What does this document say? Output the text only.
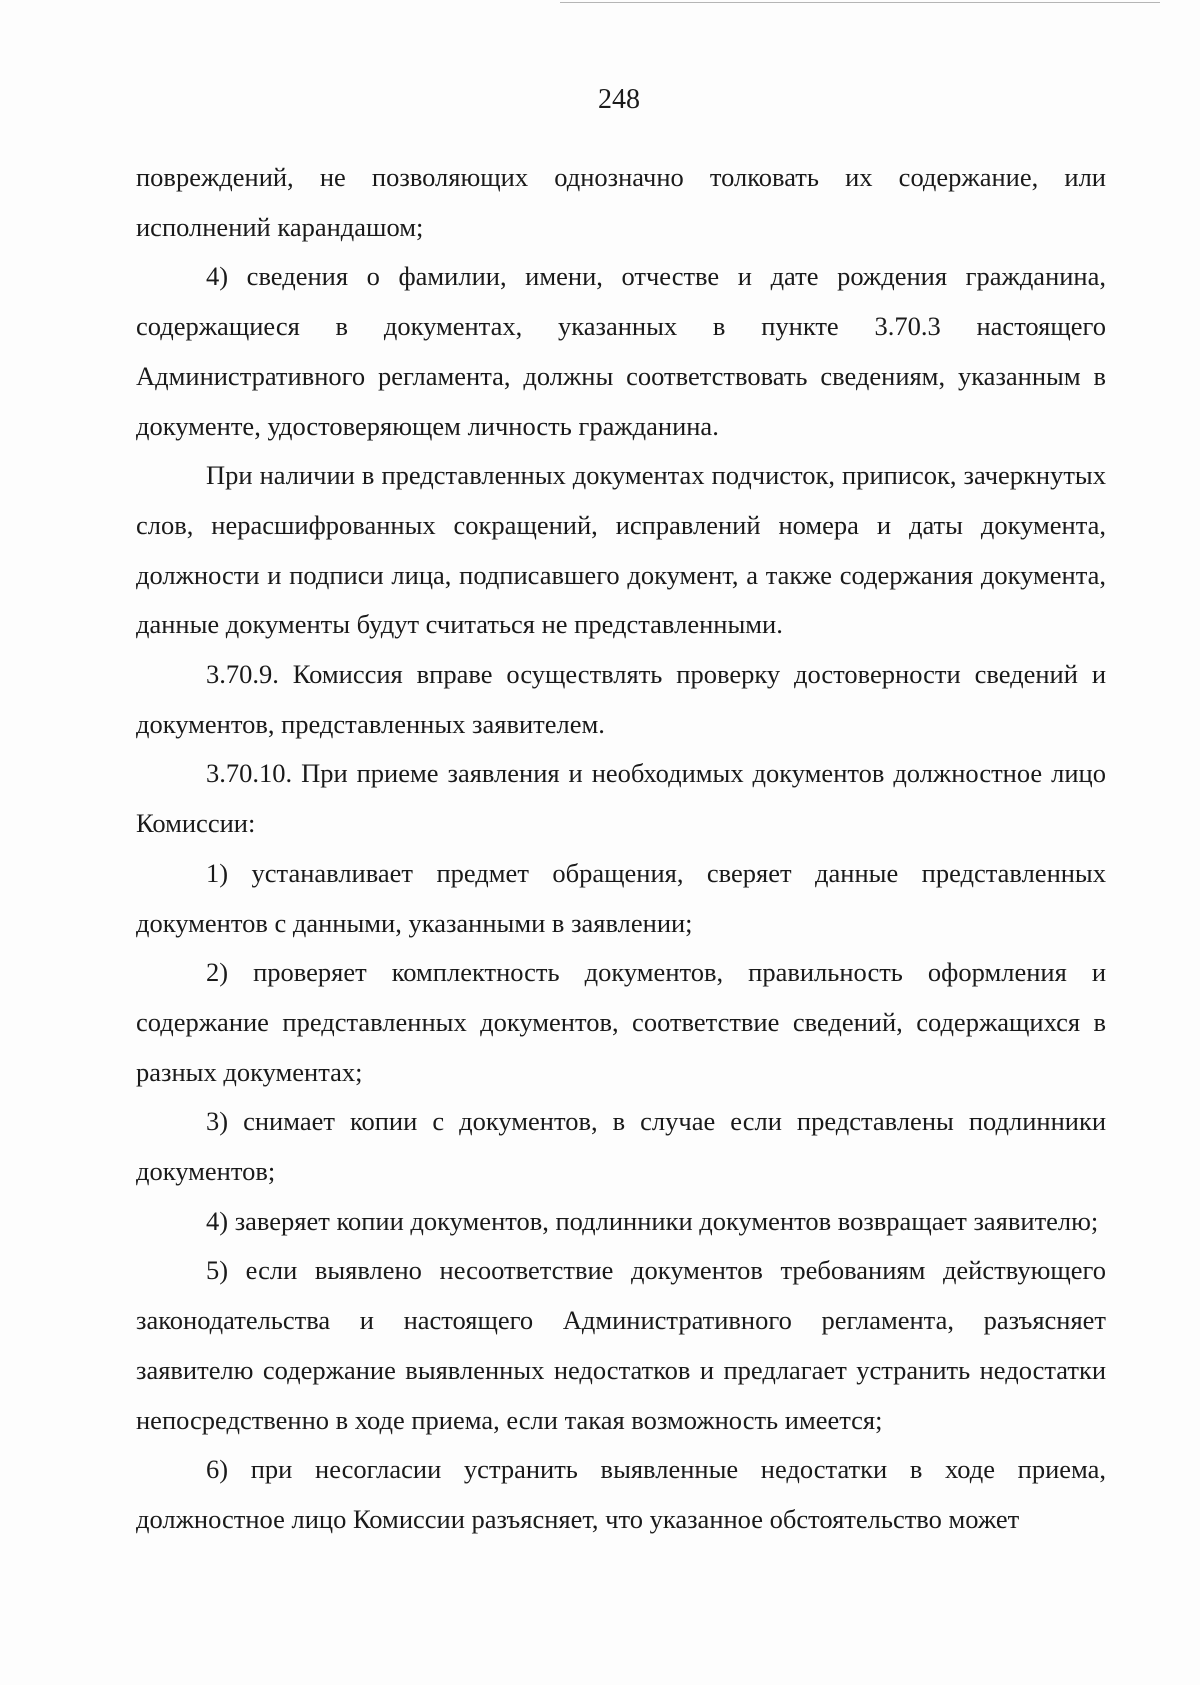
248

повреждений, не позволяющих однозначно толковать их содержание, или исполнений карандашом;

4) сведения о фамилии, имени, отчестве и дате рождения гражданина, содержащиеся в документах, указанных в пункте 3.70.3 настоящего Административного регламента, должны соответствовать сведениям, указанным в документе, удостоверяющем личность гражданина.

При наличии в представленных документах подчисток, приписок, зачеркнутых слов, нерасшифрованных сокращений, исправлений номера и даты документа, должности и подписи лица, подписавшего документ, а также содержания документа, данные документы будут считаться не представленными.

3.70.9. Комиссия вправе осуществлять проверку достоверности сведений и документов, представленных заявителем.

3.70.10. При приеме заявления и необходимых документов должностное лицо Комиссии:

1) устанавливает предмет обращения, сверяет данные представленных документов с данными, указанными в заявлении;

2) проверяет комплектность документов, правильность оформления и содержание представленных документов, соответствие сведений, содержащихся в разных документах;

3) снимает копии с документов, в случае если представлены подлинники документов;

4) заверяет копии документов, подлинники документов возвращает заявителю;

5) если выявлено несоответствие документов требованиям действующего законодательства и настоящего Административного регламента, разъясняет заявителю содержание выявленных недостатков и предлагает устранить недостатки непосредственно в ходе приема, если такая возможность имеется;

6) при несогласии устранить выявленные недостатки в ходе приема, должностное лицо Комиссии разъясняет, что указанное обстоятельство может
